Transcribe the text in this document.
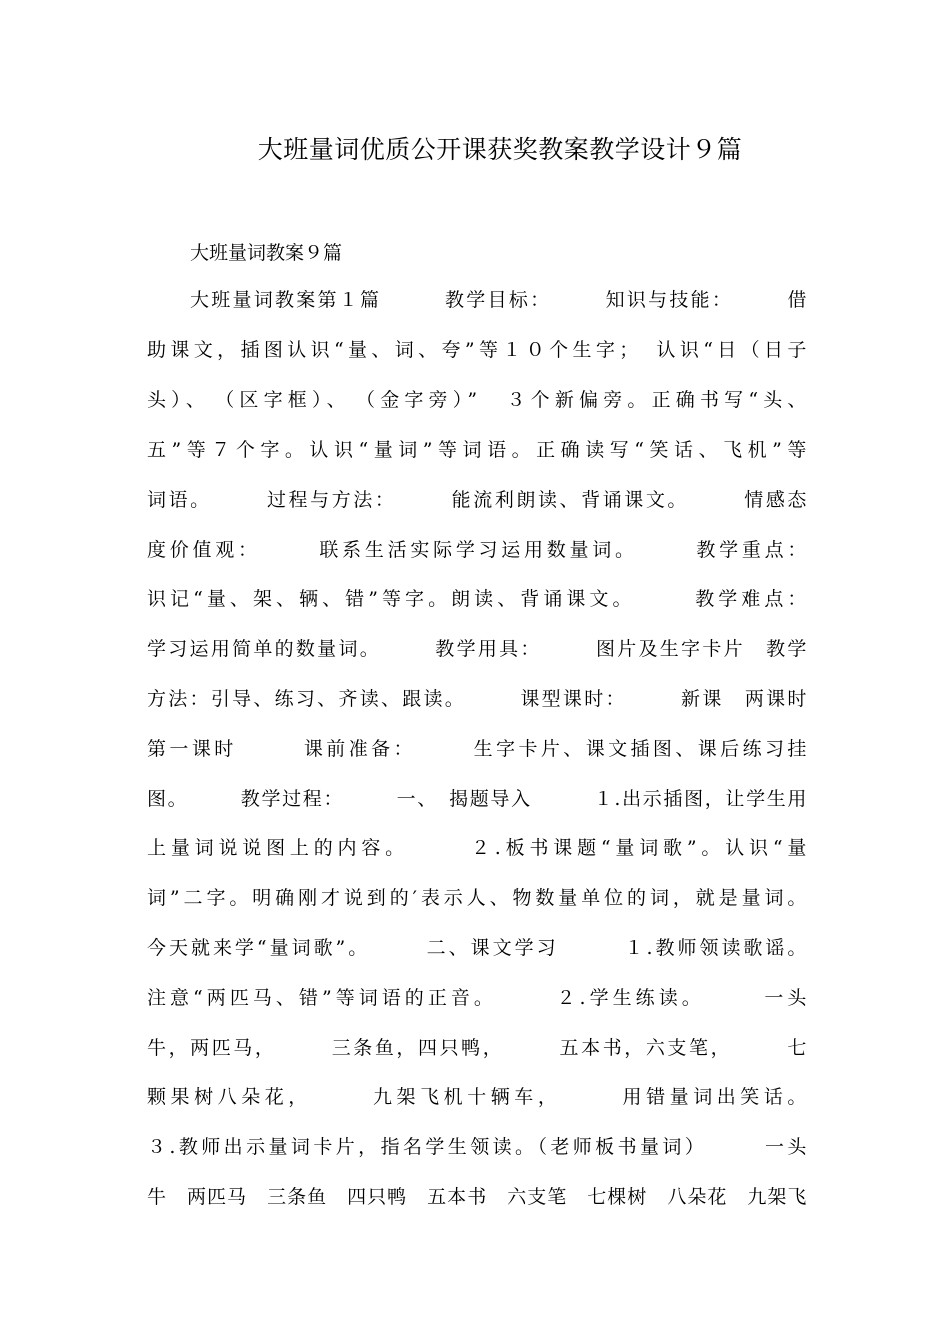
大班量词优质公开课获奖教案教学设计９篇
大班量词教案９篇
大班量词教案第１篇　　　教学目标：　　　知识与技能：　　　借
助课文，插图认识“量、词、夸”等１０个生字；　认识“日（日子
头）、　（区字框）、　（金字旁）”　３个新偏旁。正确书写“头、
五”等７个字。认识“量词”等词语。正确读写“笑话、飞机”等
词语。　　　过程与方法：　　　能流利朗读、背诵课文。　　　情感态
度价值观：　　　联系生活实际学习运用数量词。　　　教学重点：
识记“量、架、辆、错”等字。朗读、背诵课文。　　　教学难点：
学习运用简单的数量词。　　　教学用具：　　　图片及生字卡片　教学
方法：引导、练习、齐读、跟读。　　　课型课时：　　　新课　两课时
第一课时　　　课前准备：　　　生字卡片、课文插图、课后练习挂
图。　　　教学过程：　　　一、　揭题导入　　　１.出示插图，让学生用
上量词说说图上的内容。　　　２.板书课题“量词歌”。认识“量
词”二字。明确刚才说到的′表示人、物数量单位的词，就是量词。
今天就来学“量词歌”。　　　二、课文学习　　　１.教师领读歌谣。
注意“两匹马、错”等词语的正音。　　　２.学生练读。　　　一头
牛，两匹马，　　　三条鱼，四只鸭，　　　五本书，六支笔，　　　七
颗果树八朵花，　　　九架飞机十辆车，　　　用错量词出笑话。
３.教师出示量词卡片，指名学生领读。（老师板书量词）　　　一头
牛　两匹马　三条鱼　四只鸭　五本书　六支笔　七棵树　八朵花　九架飞
